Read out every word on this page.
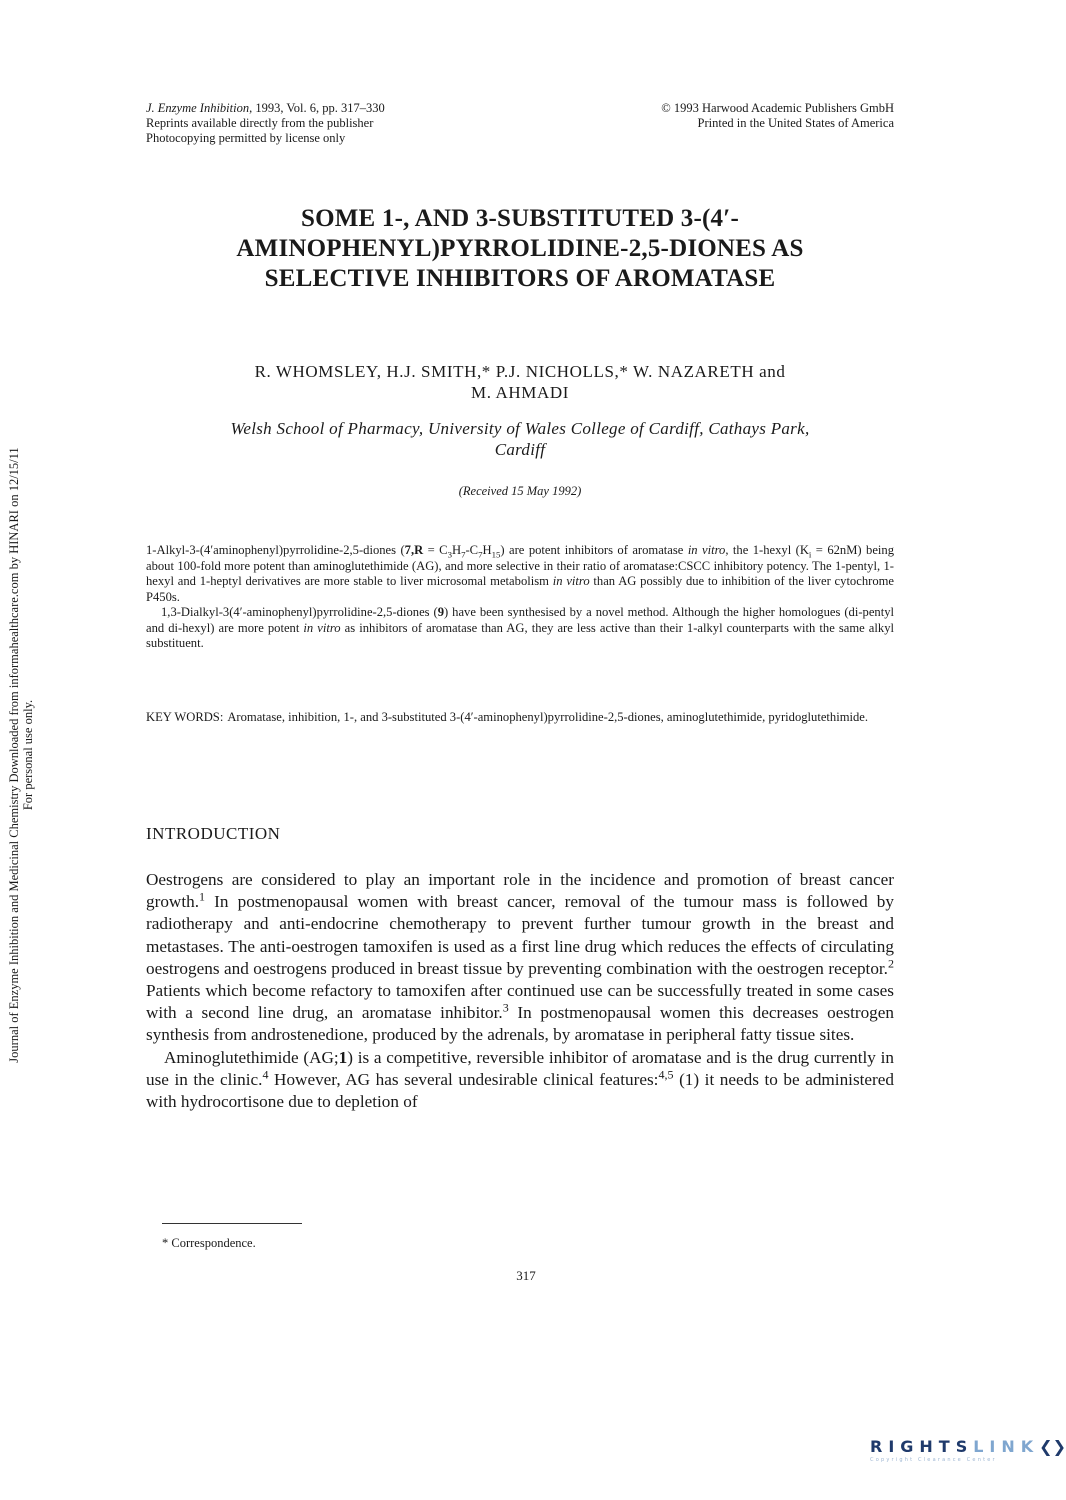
J. Enzyme Inhibition, 1993, Vol. 6, pp. 317–330
Reprints available directly from the publisher
Photocopying permitted by license only
© 1993 Harwood Academic Publishers GmbH
Printed in the United States of America
SOME 1-, AND 3-SUBSTITUTED 3-(4′-
AMINOPHENYL)PYRROLIDINE-2,5-DIONES AS
SELECTIVE INHIBITORS OF AROMATASE
R. WHOMSLEY, H.J. SMITH,* P.J. NICHOLLS,* W. NAZARETH and
M. AHMADI
Welsh School of Pharmacy, University of Wales College of Cardiff, Cathays Park,
Cardiff
(Received 15 May 1992)

1-Alkyl-3-(4′aminophenyl)pyrrolidine-2,5-diones $(7,R = C_3H_7-C_7H_{15})$ are potent inhibitors of aromatase in vitro, the 1-hexyl $(K_i = 62nM)$ being about 100-fold more potent than aminoglutethimide (AG), and more selective in their ratio of aromatase:CSCC inhibitory potency. The 1-pentyl, 1-hexyl and 1-heptyl derivatives are more stable to liver microsomal metabolism in vitro than AG possibly due to inhibition of the liver cytochrome P450s.

1,3-Dialkyl-3(4′-aminophenyl)pyrrolidine-2,5-diones (9) have been synthesised by a novel method. Although the higher homologues (di-pentyl and di-hexyl) are more potent in vitro as inhibitors of aromatase than AG, they are less active than their 1-alkyl counterparts with the same alkyl substituent.

KEY WORDS: Aromatase, inhibition, 1-, and 3-substituted 3-(4′-aminophenyl)pyrrolidine-2,5-diones, aminoglutethimide, pyridoglutethimide.
INTRODUCTION

Oestrogens are considered to play an important role in the incidence and promotion of breast cancer growth.$^1$ In postmenopausal women with breast cancer, removal of the tumour mass is followed by radiotherapy and anti-endocrine chemotherapy to prevent further tumour growth in the breast and metastases. The anti-oestrogen tamoxifen is used as a first line drug which reduces the effects of circulating oestrogens and oestrogens produced in breast tissue by preventing combination with the oestrogen receptor.$^2$ Patients which become refactory to tamoxifen after continued use can be successfully treated in some cases with a second line drug, an aromatase inhibitor.$^3$ In postmenopausal women this decreases oestrogen synthesis from androstenedione, produced by the adrenals, by aromatase in peripheral fatty tissue sites.

Aminoglutethimide (AG;1) is a competitive, reversible inhibitor of aromatase and is the drug currently in use in the clinic.$^4$ However, AG has several undesirable clinical features:$^{4,5}$ (1) it needs to be administered with hydrocortisone due to depletion of

* Correspondence.
317
Journal of Enzyme Inhibition and Medicinal Chemistry Downloaded from informahealthcare.com by HINARI on 12/15/11 For personal use only.
RIGHTSLINK❮❯
Copyright Clearance Center
